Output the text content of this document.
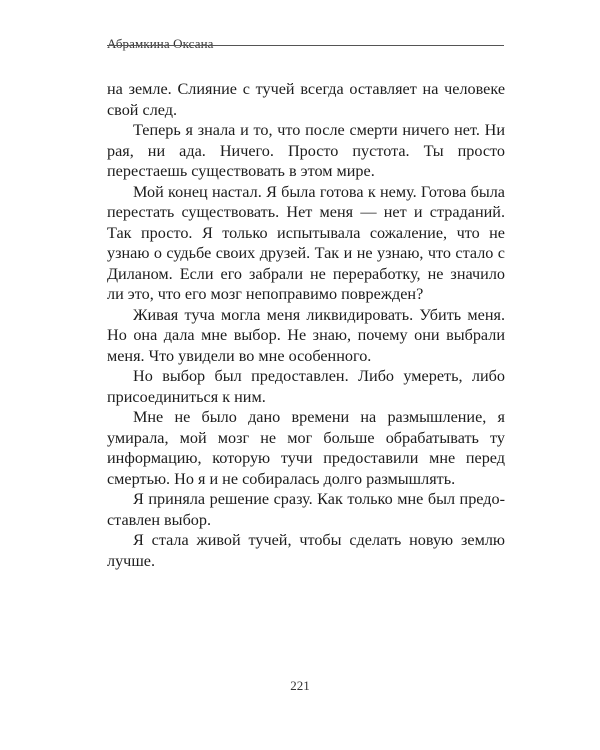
Абрамкина Оксана

на земле. Слияние с тучей всегда оставляет на человеке свой след.

Теперь я знала и то, что после смерти ничего нет. Ни рая, ни ада. Ничего. Просто пустота. Ты просто перестаешь существовать в этом мире.

Мой конец настал. Я была готова к нему. Готова была перестать существовать. Нет меня — нет и страданий. Так просто. Я только испытывала сожаление, что не узнаю о судьбе своих друзей. Так и не узнаю, что стало с Диланом. Если его забрали не переработку, не значило ли это, что его мозг непоправимо поврежден?

Живая туча могла меня ликвидировать. Убить меня. Но она дала мне выбор. Не знаю, почему они выбрали меня. Что увидели во мне особенного.

Но выбор был предоставлен. Либо умереть, либо присоединиться к ним.

Мне не было дано времени на размышление, я умирала, мой мозг не мог больше обрабатывать ту информацию, которую тучи предоставили мне перед смертью. Но я и не собиралась долго размышлять.

Я приняла решение сразу. Как только мне был предоставлен выбор.

Я стала живой тучей, чтобы сделать новую землю лучше.

221
